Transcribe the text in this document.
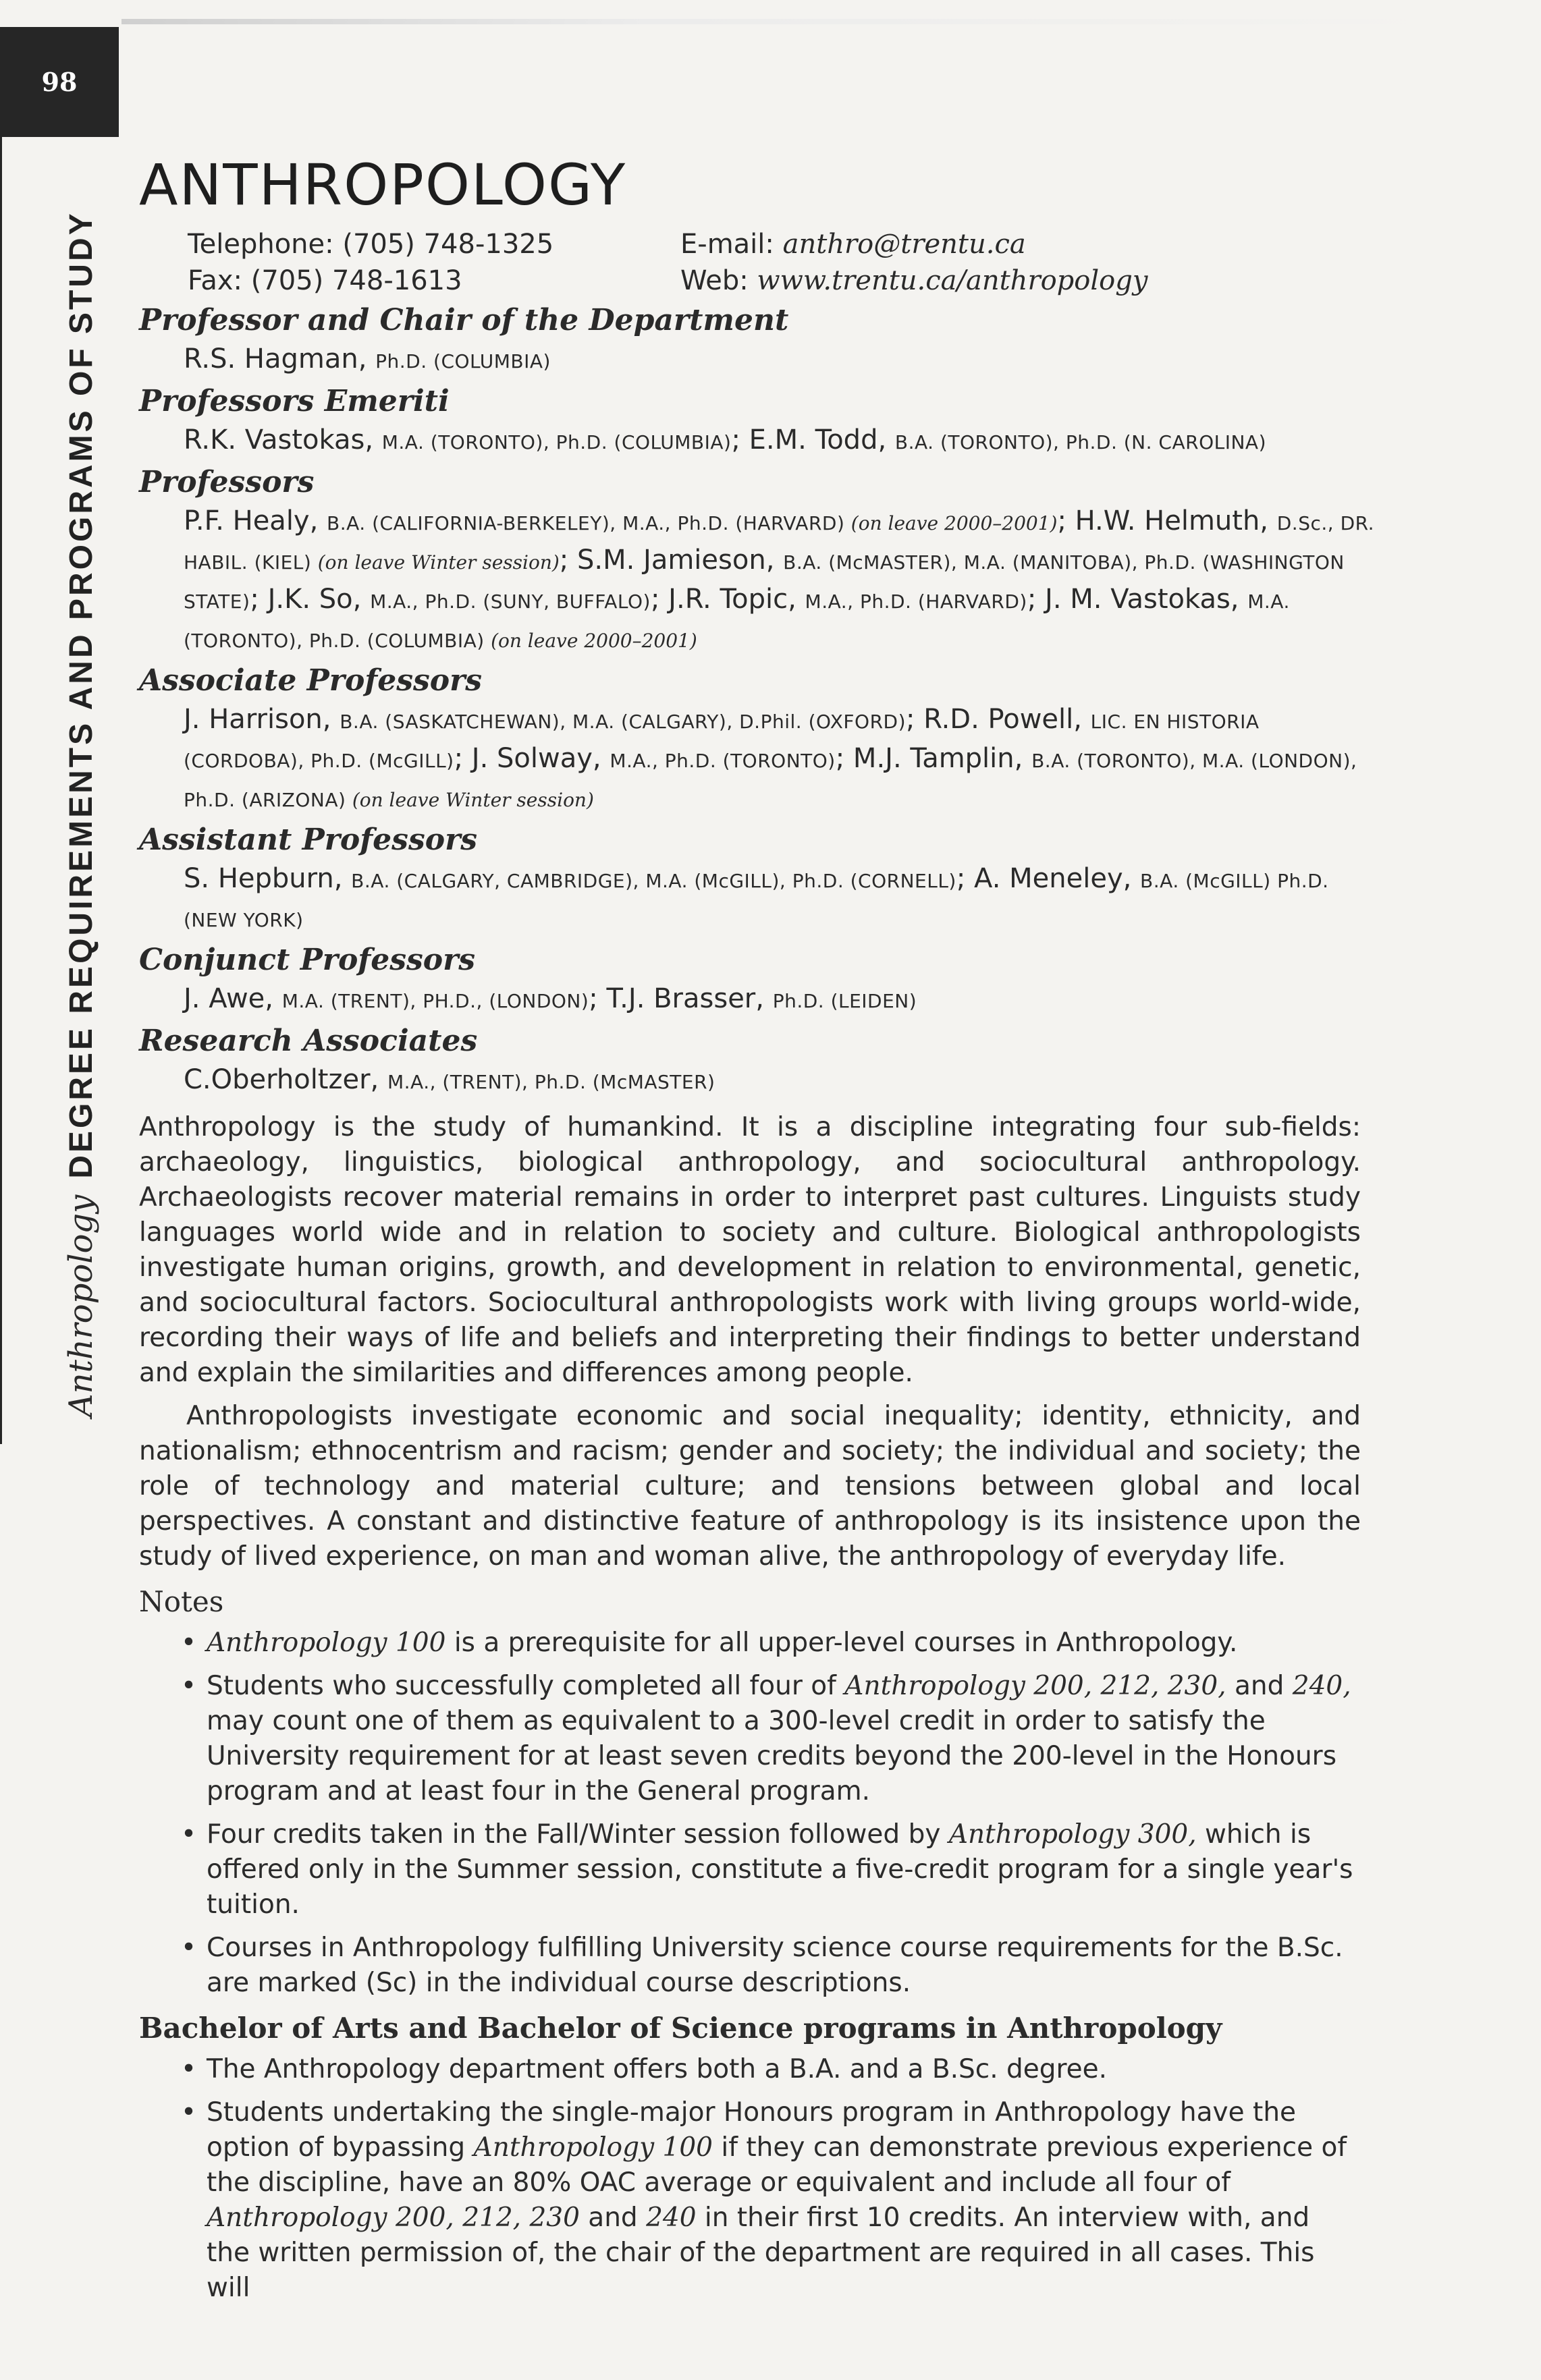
98
AnthropologyDEGREE REQUIREMENTS AND PROGRAMS OF STUDY
ANTHROPOLOGY
Telephone: (705) 748-1325	E-mail: anthro@trentu.ca
Fax: (705) 748-1613	Web: www.trentu.ca/anthropology
Professor and Chair of the Department
R.S. Hagman, Ph.D. (COLUMBIA)
Professors Emeriti
R.K. Vastokas, M.A. (TORONTO), Ph.D. (COLUMBIA); E.M. Todd, B.A. (TORONTO), Ph.D. (N. CAROLINA)
Professors
P.F. Healy, B.A. (CALIFORNIA-BERKELEY), M.A., Ph.D. (HARVARD) (on leave 2000–2001); H.W. Helmuth, D.Sc., DR. HABIL. (KIEL) (on leave Winter session); S.M. Jamieson, B.A. (McMASTER), M.A. (MANITOBA), Ph.D. (WASHINGTON STATE); J.K. So, M.A., Ph.D. (SUNY, BUFFALO); J.R. Topic, M.A., Ph.D. (HARVARD); J. M. Vastokas, M.A. (TORONTO), Ph.D. (COLUMBIA) (on leave 2000–2001)
Associate Professors
J. Harrison, B.A. (SASKATCHEWAN), M.A. (CALGARY), D.Phil. (OXFORD); R.D. Powell, LIC. EN HISTORIA (CORDOBA), Ph.D. (McGILL); J. Solway, M.A., Ph.D. (TORONTO); M.J. Tamplin, B.A. (TORONTO), M.A. (LONDON), Ph.D. (ARIZONA) (on leave Winter session)
Assistant Professors
S. Hepburn, B.A. (CALGARY, CAMBRIDGE), M.A. (McGILL), Ph.D. (CORNELL); A. Meneley, B.A. (McGILL) Ph.D. (NEW YORK)
Conjunct Professors
J. Awe, M.A. (TRENT), PH.D., (LONDON); T.J. Brasser, Ph.D. (LEIDEN)
Research Associates
C.Oberholtzer, M.A., (TRENT), Ph.D. (McMASTER)

Anthropology is the study of humankind. It is a discipline integrating four sub-fields: archaeology, linguistics, biological anthropology, and sociocultural anthropology. Archaeologists recover material remains in order to interpret past cultures. Linguists study languages world wide and in relation to society and culture. Biological anthropologists investigate human origins, growth, and development in relation to environmental, genetic, and sociocultural factors. Sociocultural anthropologists work with living groups world-wide, recording their ways of life and beliefs and interpreting their findings to better understand and explain the similarities and differences among people.

Anthropologists investigate economic and social inequality; identity, ethnicity, and nationalism; ethnocentrism and racism; gender and society; the individual and society; the role of technology and material culture; and tensions between global and local perspectives. A constant and distinctive feature of anthropology is its insistence upon the study of lived experience, on man and woman alive, the anthropology of everyday life.

Notes
• Anthropology 100 is a prerequisite for all upper-level courses in Anthropology.
• Students who successfully completed all four of Anthropology 200, 212, 230, and 240, may count one of them as equivalent to a 300-level credit in order to satisfy the University requirement for at least seven credits beyond the 200-level in the Honours program and at least four in the General program.
• Four credits taken in the Fall/Winter session followed by Anthropology 300, which is offered only in the Summer session, constitute a five-credit program for a single year's tuition.
• Courses in Anthropology fulfilling University science course requirements for the B.Sc. are marked (Sc) in the individual course descriptions.
Bachelor of Arts and Bachelor of Science programs in Anthropology
• The Anthropology department offers both a B.A. and a B.Sc. degree.
• Students undertaking the single-major Honours program in Anthropology have the option of bypassing Anthropology 100 if they can demonstrate previous experience of the discipline, have an 80% OAC average or equivalent and include all four of Anthropology 200, 212, 230 and 240 in their first 10 credits. An interview with, and the written permission of, the chair of the department are required in all cases. This will
